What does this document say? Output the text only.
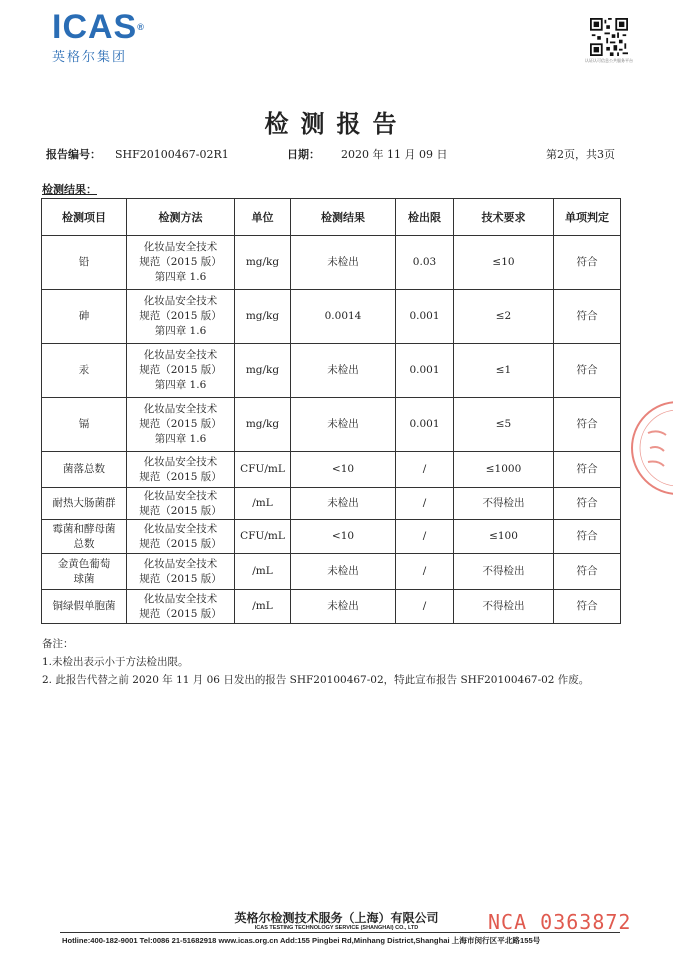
ICAS®
英格尔集团	认证认可信息公共服务平台
检测报告
报告编号： SHF20100467-02R1	日期： 2020 年 11 月 09 日	第2页，共3页
检测结果：
检测项目	检测方法	单位	检测结果	检出限	技术要求	单项判定
铅	化妆品安全技术
规范（2015 版）
第四章 1.6	mg/kg	未检出	0.03	≤10	符合
砷	化妆品安全技术
规范（2015 版）
第四章 1.6	mg/kg	0.0014	0.001	≤2	符合
汞	化妆品安全技术
规范（2015 版）
第四章 1.6	mg/kg	未检出	0.001	≤1	符合
镉	化妆品安全技术
规范（2015 版）
第四章 1.6	mg/kg	未检出	0.001	≤5	符合
菌落总数	化妆品安全技术
规范（2015 版）	CFU/mL	<10	/	≤1000	符合
耐热大肠菌群	化妆品安全技术
规范（2015 版）	/mL	未检出	/	不得检出	符合
霉菌和酵母菌
总数	化妆品安全技术
规范（2015 版）	CFU/mL	<10	/	≤100	符合
金黄色葡萄
球菌	化妆品安全技术
规范（2015 版）	/mL	未检出	/	不得检出	符合
铜绿假单胞菌	化妆品安全技术
规范（2015 版）	/mL	未检出	/	不得检出	符合
备注：
1.未检出表示小于方法检出限。
2. 此报告代替之前 2020 年 11 月 06 日发出的报告 SHF20100467-02，特此宣布报告 SHF20100467-02 作废。
英格尔检测技术服务（上海）有限公司	NCA 0363872
ICAS TESTING TECHNOLOGY SERVICE (SHANGHAI) CO., LTD
Hotline:400-182-9001 Tel:0086 21-51682918 www.icas.org.cn Add:155 Pingbei Rd,Minhang District,Shanghai 上海市闵行区平北路155号
